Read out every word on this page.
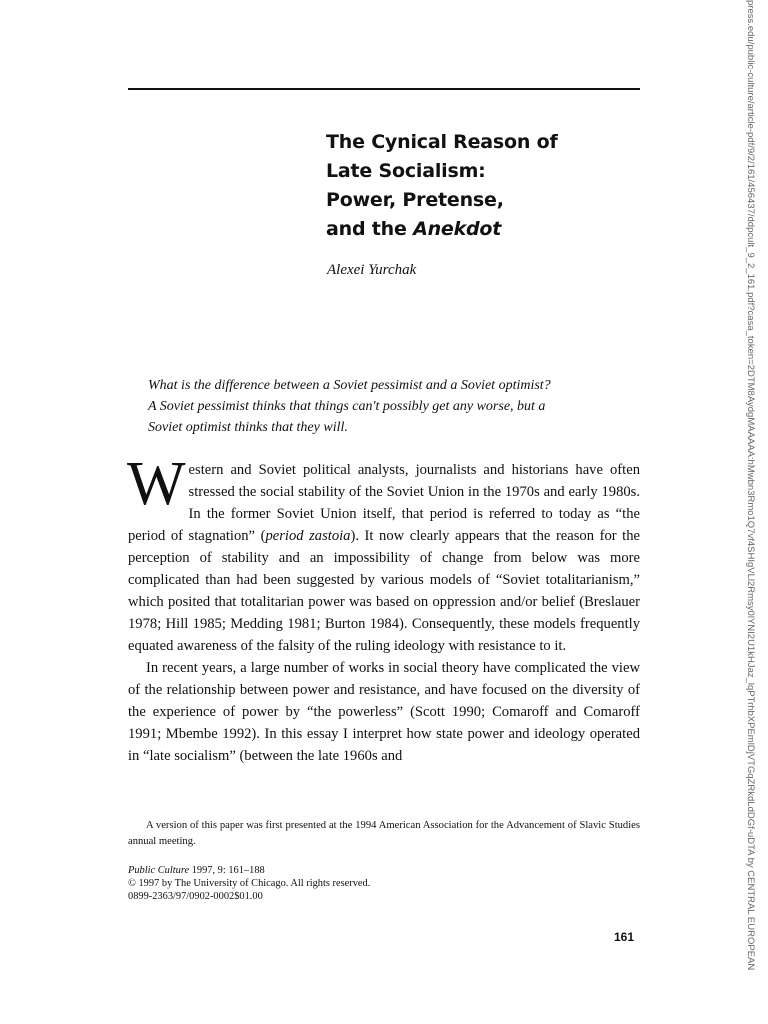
The Cynical Reason of
Late Socialism:
Power, Pretense,
and the Anekdot
Alexei Yurchak
What is the difference between a Soviet pessimist and a Soviet optimist?
A Soviet pessimist thinks that things can't possibly get any worse, but a
Soviet optimist thinks that they will.

Western and Soviet political analysts, journalists and historians have often stressed the social stability of the Soviet Union in the 1970s and early 1980s. In the former Soviet Union itself, that period is referred to today as “the period of stagnation” (period zastoia). It now clearly appears that the reason for the perception of stability and an impossibility of change from below was more complicated than had been suggested by various models of “Soviet totalitarianism,” which posited that totalitarian power was based on oppression and/or belief (Breslauer 1978; Hill 1985; Medding 1981; Burton 1984). Consequently, these models frequently equated awareness of the falsity of the ruling ideology with resistance to it.

In recent years, a large number of works in social theory have complicated the view of the relationship between power and resistance, and have focused on the diversity of the experience of power by “the powerless” (Scott 1990; Comaroff and Comaroff 1991; Mbembe 1992). In this essay I interpret how state power and ideology operated in “late socialism” (between the late 1960s and

A version of this paper was first presented at the 1994 American Association for the Advancement of Slavic Studies annual meeting.
Public Culture 1997, 9: 161–188
© 1997 by The University of Chicago. All rights reserved.
0899-2363/97/0902-0002$01.00
161	press.edu/public-culture/article-pdf/9/2/161/456437/ddpcult_9_2_161.pdf?casa_token=2DTM8AydgMAAAAA:hMwbn3Rmo1Q7vf4SHIgVLl2Rmsy0lYNI2U1kHJaz_lqPTrhbXPEmlDjVTGqZRkdLdDGf-uDTA by CENTRAL EUROPEAN
